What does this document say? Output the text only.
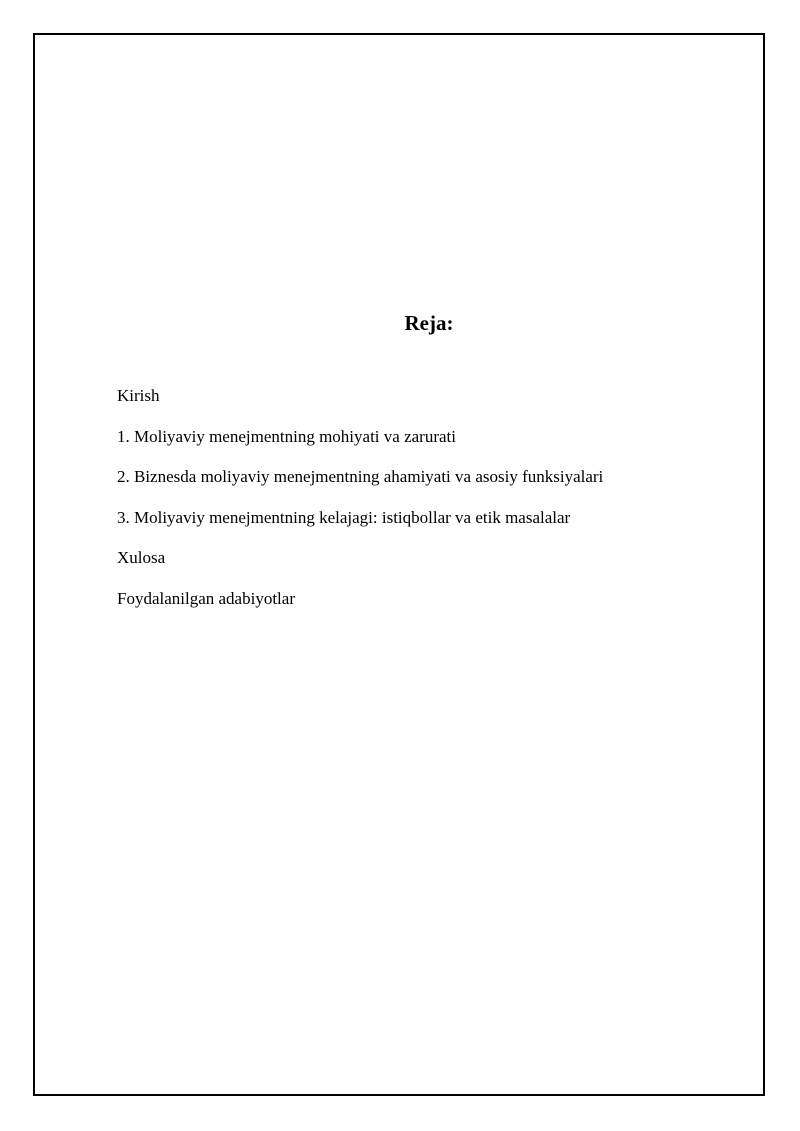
Reja:
Kirish
1. Moliyaviy menejmentning mohiyati va zarurati
2. Biznesda moliyaviy menejmentning ahamiyati va asosiy funksiyalari
3. Moliyaviy menejmentning kelajagi: istiqbollar va etik masalalar
Xulosa
Foydalanilgan adabiyotlar
